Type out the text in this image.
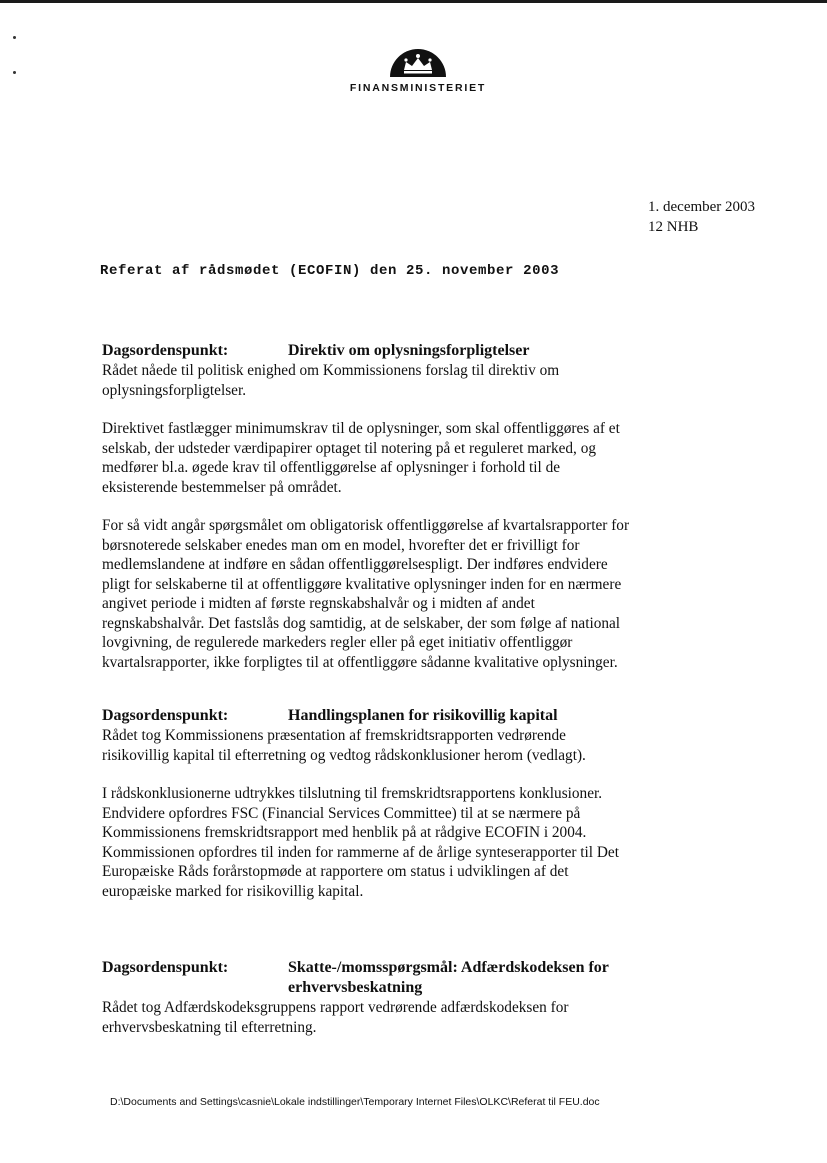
FINANSMINISTERIET
1. december 2003
12 NHB
Referat af rådsmødet (ECOFIN) den 25. november 2003
Dagsordenspunkt:	Direktiv om oplysningsforpligtelser

Rådet nåede til politisk enighed om Kommissionens forslag til direktiv om oplysningsforpligtelser.

Direktivet fastlægger minimumskrav til de oplysninger, som skal offentliggøres af et selskab, der udsteder værdipapirer optaget til notering på et reguleret marked, og medfører bl.a. øgede krav til offentliggørelse af oplysninger i forhold til de eksisterende bestemmelser på området.

For så vidt angår spørgsmålet om obligatorisk offentliggørelse af kvartalsrapporter for børsnoterede selskaber enedes man om en model, hvorefter det er frivilligt for medlemslandene at indføre en sådan offentliggørelsespligt. Der indføres endvidere pligt for selskaberne til at offentliggøre kvalitative oplysninger inden for en nærmere angivet periode i midten af første regnskabshalvår og i midten af andet regnskabshalvår. Det fastslås dog samtidig, at de selskaber, der som følge af national lovgivning, de regulerede markeders regler eller på eget initiativ offentliggør kvartalsrapporter, ikke forpligtes til at offentliggøre sådanne kvalitative oplysninger.

Dagsordenspunkt:	Handlingsplanen for risikovillig kapital

Rådet tog Kommissionens præsentation af fremskridtsrapporten vedrørende risikovillig kapital til efterretning og vedtog rådskonklusioner herom (vedlagt).

I rådskonklusionerne udtrykkes tilslutning til fremskridtsrapportens konklusioner. Endvidere opfordres FSC (Financial Services Committee) til at se nærmere på Kommissionens fremskridtsrapport med henblik på at rådgive ECOFIN i 2004. Kommissionen opfordres til inden for rammerne af de årlige synteserapporter til Det Europæiske Råds forårstopmøde at rapportere om status i udviklingen af det europæiske marked for risikovillig kapital.

Dagsordenspunkt:	Skatte-/momsspørgsmål: Adfærdskodeksen for erhvervsbeskatning

Rådet tog Adfærdskodeksgruppens rapport vedrørende adfærdskodeksen for erhvervsbeskatning til efterretning.

D:\Documents and Settings\casnie\Lokale indstillinger\Temporary Internet Files\OLKC\Referat til FEU.doc
